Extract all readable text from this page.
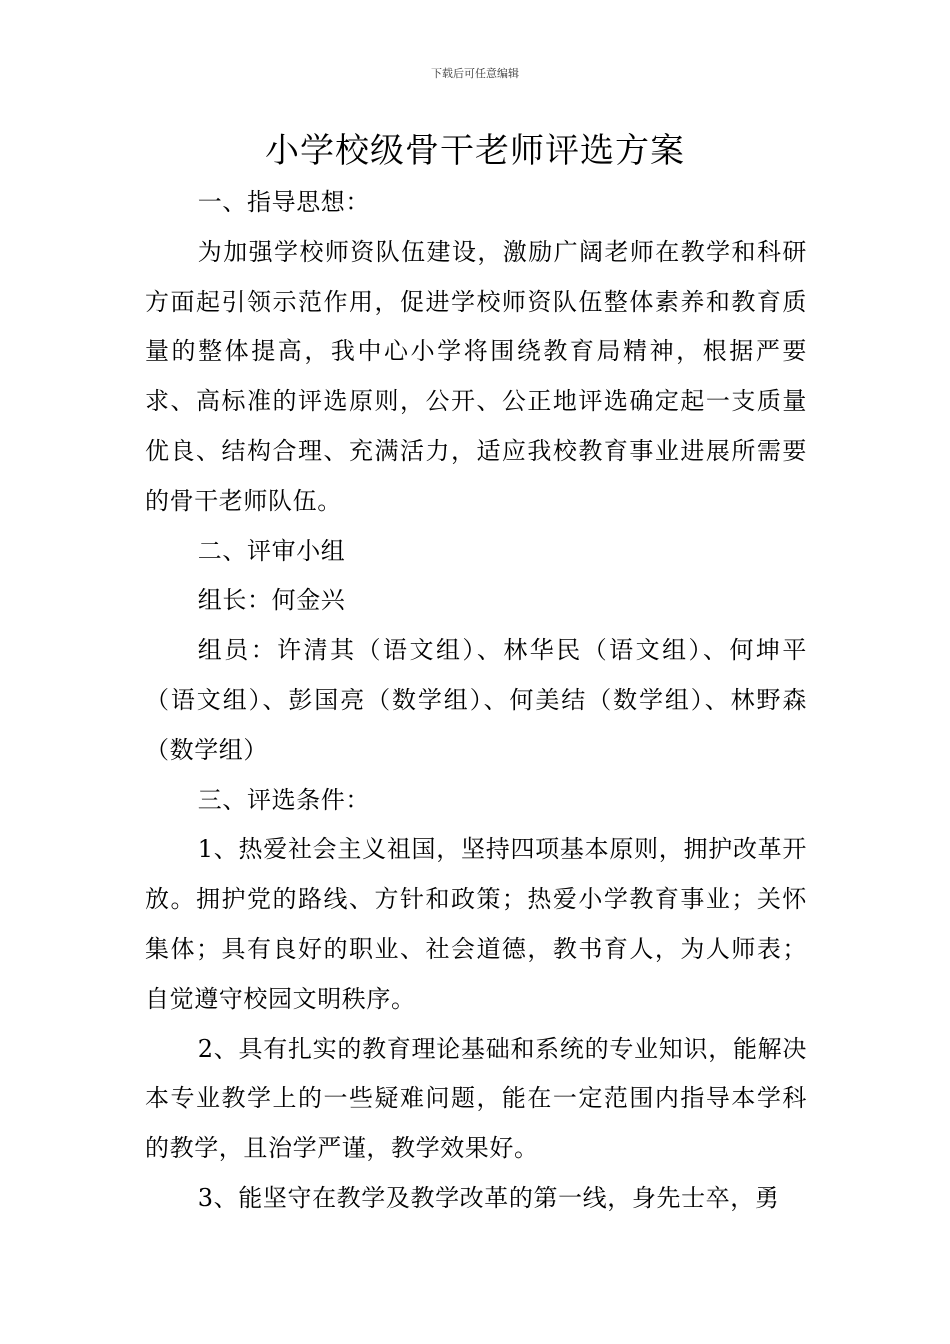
下载后可任意编辑
小学校级骨干老师评选方案

一、指导思想：

为加强学校师资队伍建设，激励广阔老师在教学和科研方面起引领示范作用，促进学校师资队伍整体素养和教育质量的整体提高，我中心小学将围绕教育局精神，根据严要求、高标准的评选原则，公开、公正地评选确定起一支质量优良、结构合理、充满活力，适应我校教育事业进展所需要的骨干老师队伍。

二、评审小组

组长：何金兴

组员：许清其（语文组）、林华民（语文组）、何坤平（语文组）、彭国亮（数学组）、何美结（数学组）、林野森（数学组）

三、评选条件：

1、热爱社会主义祖国，坚持四项基本原则，拥护改革开放。拥护党的路线、方针和政策；热爱小学教育事业；关怀集体；具有良好的职业、社会道德，教书育人，为人师表；自觉遵守校园文明秩序。

2、具有扎实的教育理论基础和系统的专业知识，能解决本专业教学上的一些疑难问题，能在一定范围内指导本学科的教学，且治学严谨，教学效果好。

3、能坚守在教学及教学改革的第一线，身先士卒，勇
